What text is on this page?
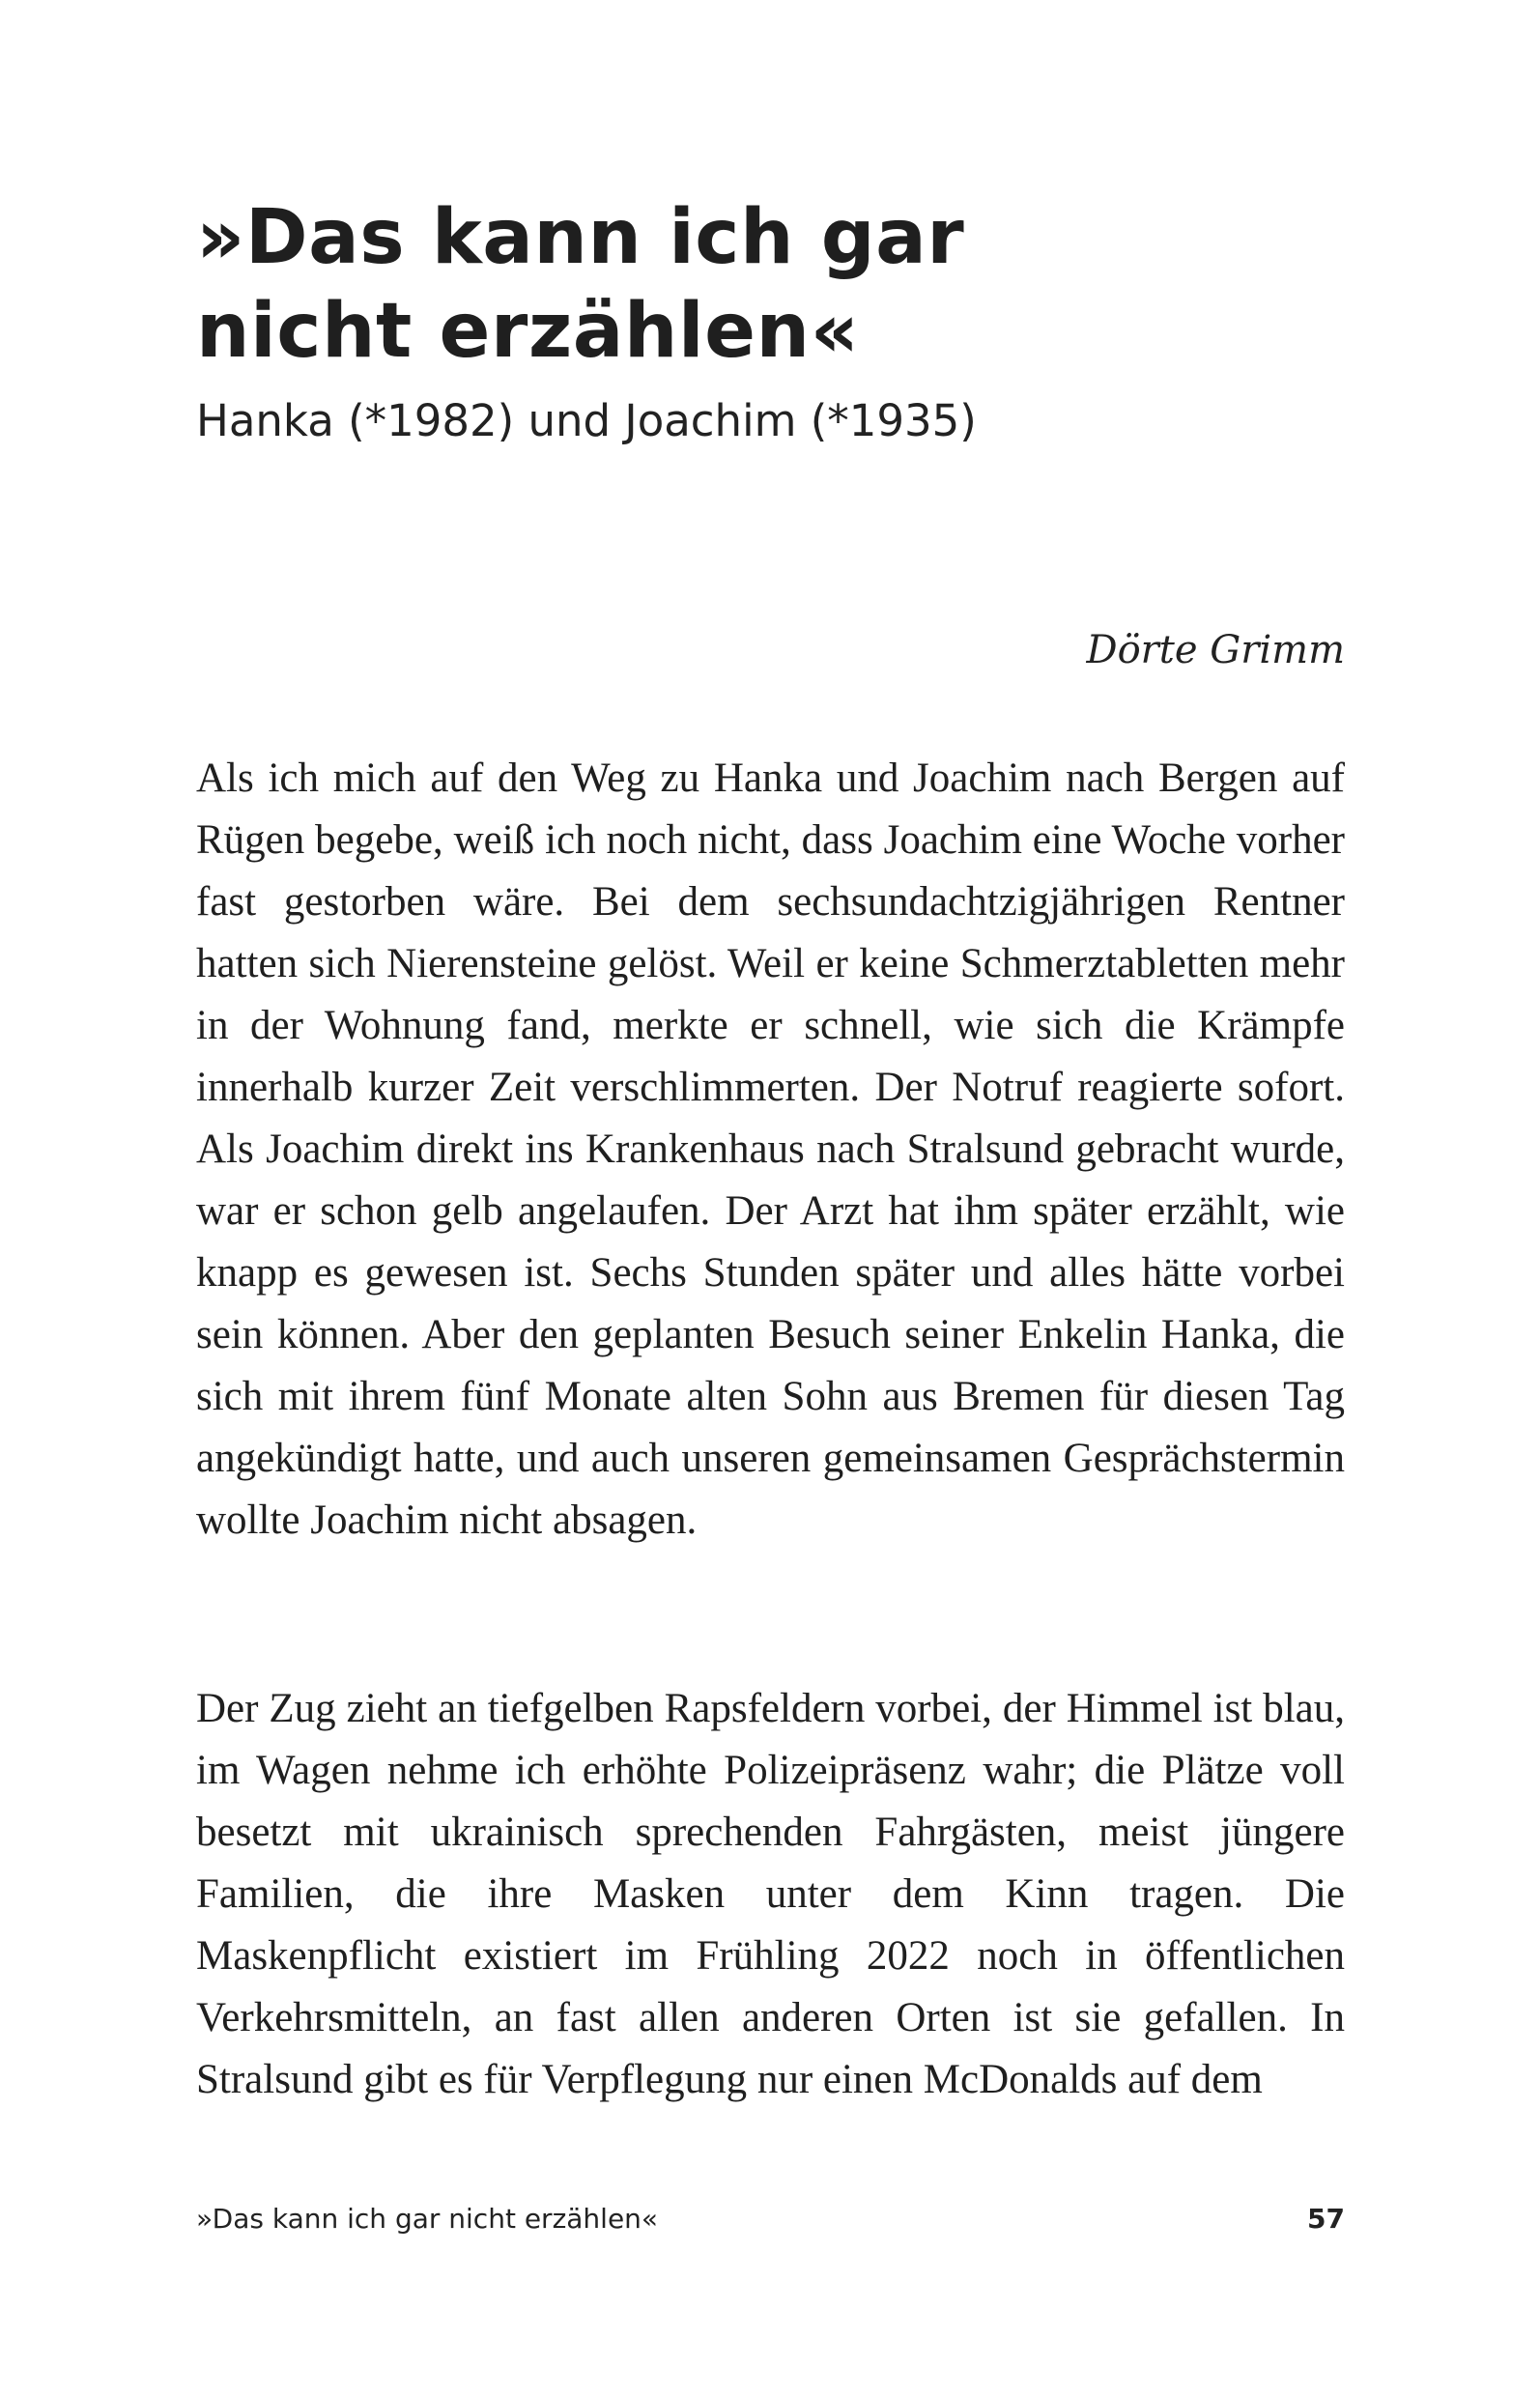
»Das kann ich gar nicht erzählen«

Hanka (*1982) und Joachim (*1935)

Dörte Grimm

Als ich mich auf den Weg zu Hanka und Joachim nach Bergen auf Rügen begebe, weiß ich noch nicht, dass Joachim eine Woche vorher fast gestorben wäre. Bei dem sechsundachtzigjährigen Rentner hatten sich Nierensteine gelöst. Weil er keine Schmerztabletten mehr in der Wohnung fand, merkte er schnell, wie sich die Krämpfe innerhalb kurzer Zeit verschlimmerten. Der Notruf reagierte sofort. Als Joachim direkt ins Krankenhaus nach Stralsund gebracht wurde, war er schon gelb angelaufen. Der Arzt hat ihm später erzählt, wie knapp es gewesen ist. Sechs Stunden später und alles hätte vorbei sein können. Aber den geplanten Besuch seiner Enkelin Hanka, die sich mit ihrem fünf Monate alten Sohn aus Bremen für diesen Tag angekündigt hatte, und auch unseren gemeinsamen Gesprächstermin wollte Joachim nicht absagen.

Der Zug zieht an tiefgelben Rapsfeldern vorbei, der Himmel ist blau, im Wagen nehme ich erhöhte Polizeipräsenz wahr; die Plätze voll besetzt mit ukrainisch sprechenden Fahrgästen, meist jüngere Familien, die ihre Masken unter dem Kinn tragen. Die Maskenpflicht existiert im Frühling 2022 noch in öffentlichen Verkehrsmitteln, an fast allen anderen Orten ist sie gefallen. In Stralsund gibt es für Verpflegung nur einen McDonalds auf dem

»Das kann ich gar nicht erzählen«	57
